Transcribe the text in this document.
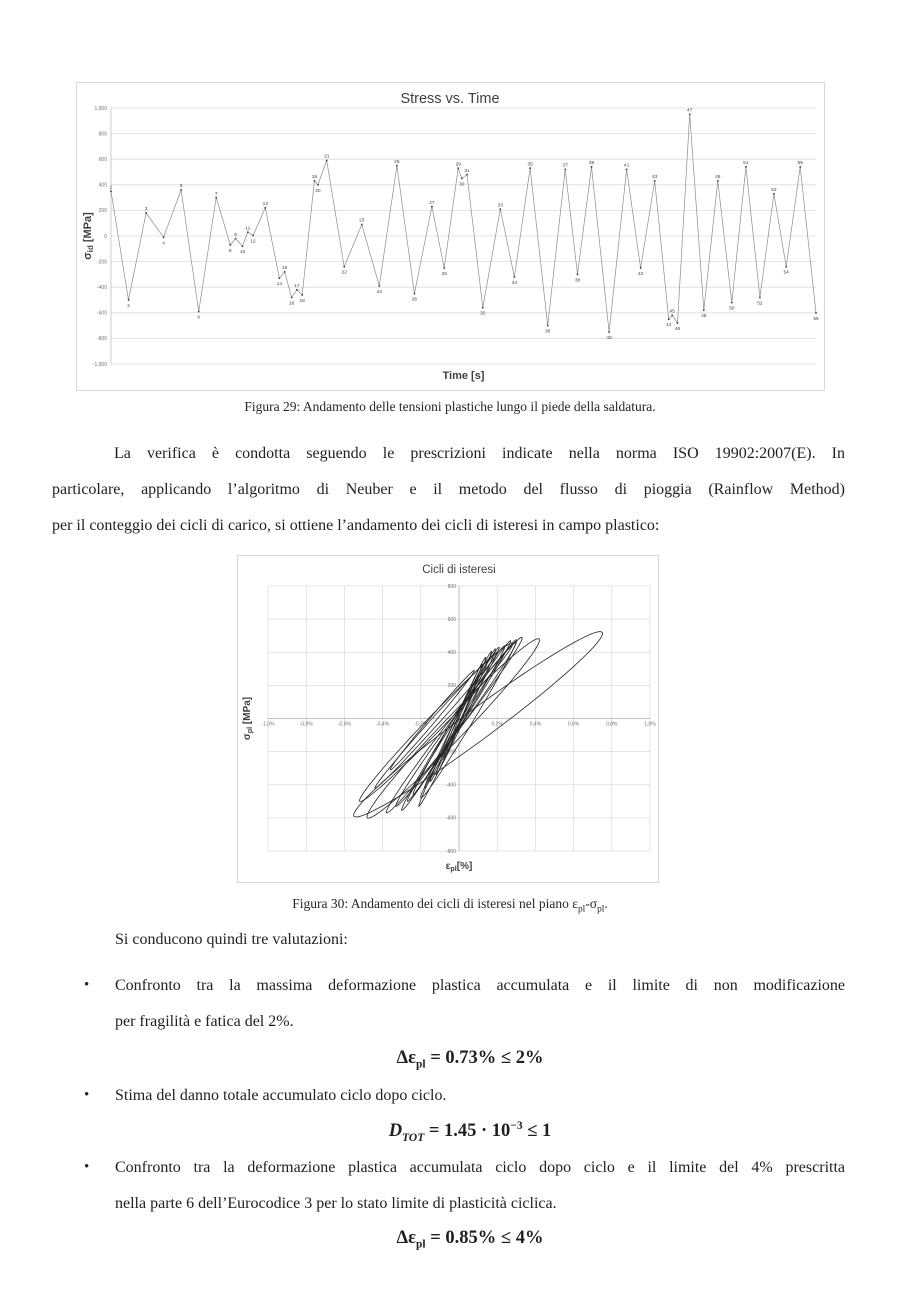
1,000
800
600
400
200
0
-200
-400
-600
-800
-1,000
1
2
3
4
5
6
7
8
9
10
11
12
13
14
15
16
17
18
19
20
21
22
23
24
25
26
27
28
29
30
31
32
33
34
35
36
37
38
39
40
41
42
43
44
45
46
47
48
49
50
51
52
53
54
55
56
Stress vs. Time
Time [s]
σid [MPa]

Figura 29: Andamento delle tensioni plastiche lungo il piede della saldatura.

La verifica è condotta seguendo le prescrizioni indicate nella norma ISO 19902:2007(E). In
particolare, applicando l’algoritmo di Neuber e il metodo del flusso di pioggia (Rainflow Method)
per il conteggio dei cicli di carico, si ottiene l’andamento dei cicli di isteresi in campo plastico:
800
600
400
200
0
-200
-400
-600
-800
-1,0%	-0,8%	-0,6%	-0,4%	-0,2%	0,2%	0,4%	0,6%	0,8%	1,0%
Cicli di isteresi
εpl[%]
σpl [MPa]

Figura 30: Andamento dei cicli di isteresi nel piano $\varepsilon_{pl}-\sigma_{pl}$.

Si conducono quindi tre valutazioni:
•	Confronto tra la massima deformazione plastica accumulata e il limite di non modificazione
per fragilità e fatica del 2%.
$\Delta\varepsilon_{pl} = 0.73\% \le 2\%$
•	Stima del danno totale accumulato ciclo dopo ciclo.
$D_{TOT} = 1.45 \cdot 10^{-3} \le 1$
•	Confronto tra la deformazione plastica accumulata ciclo dopo ciclo e il limite del 4% prescritta
nella parte 6 dell’Eurocodice 3 per lo stato limite di plasticità ciclica.
$\Delta\varepsilon_{pl} = 0.85\% \le 4\%$
